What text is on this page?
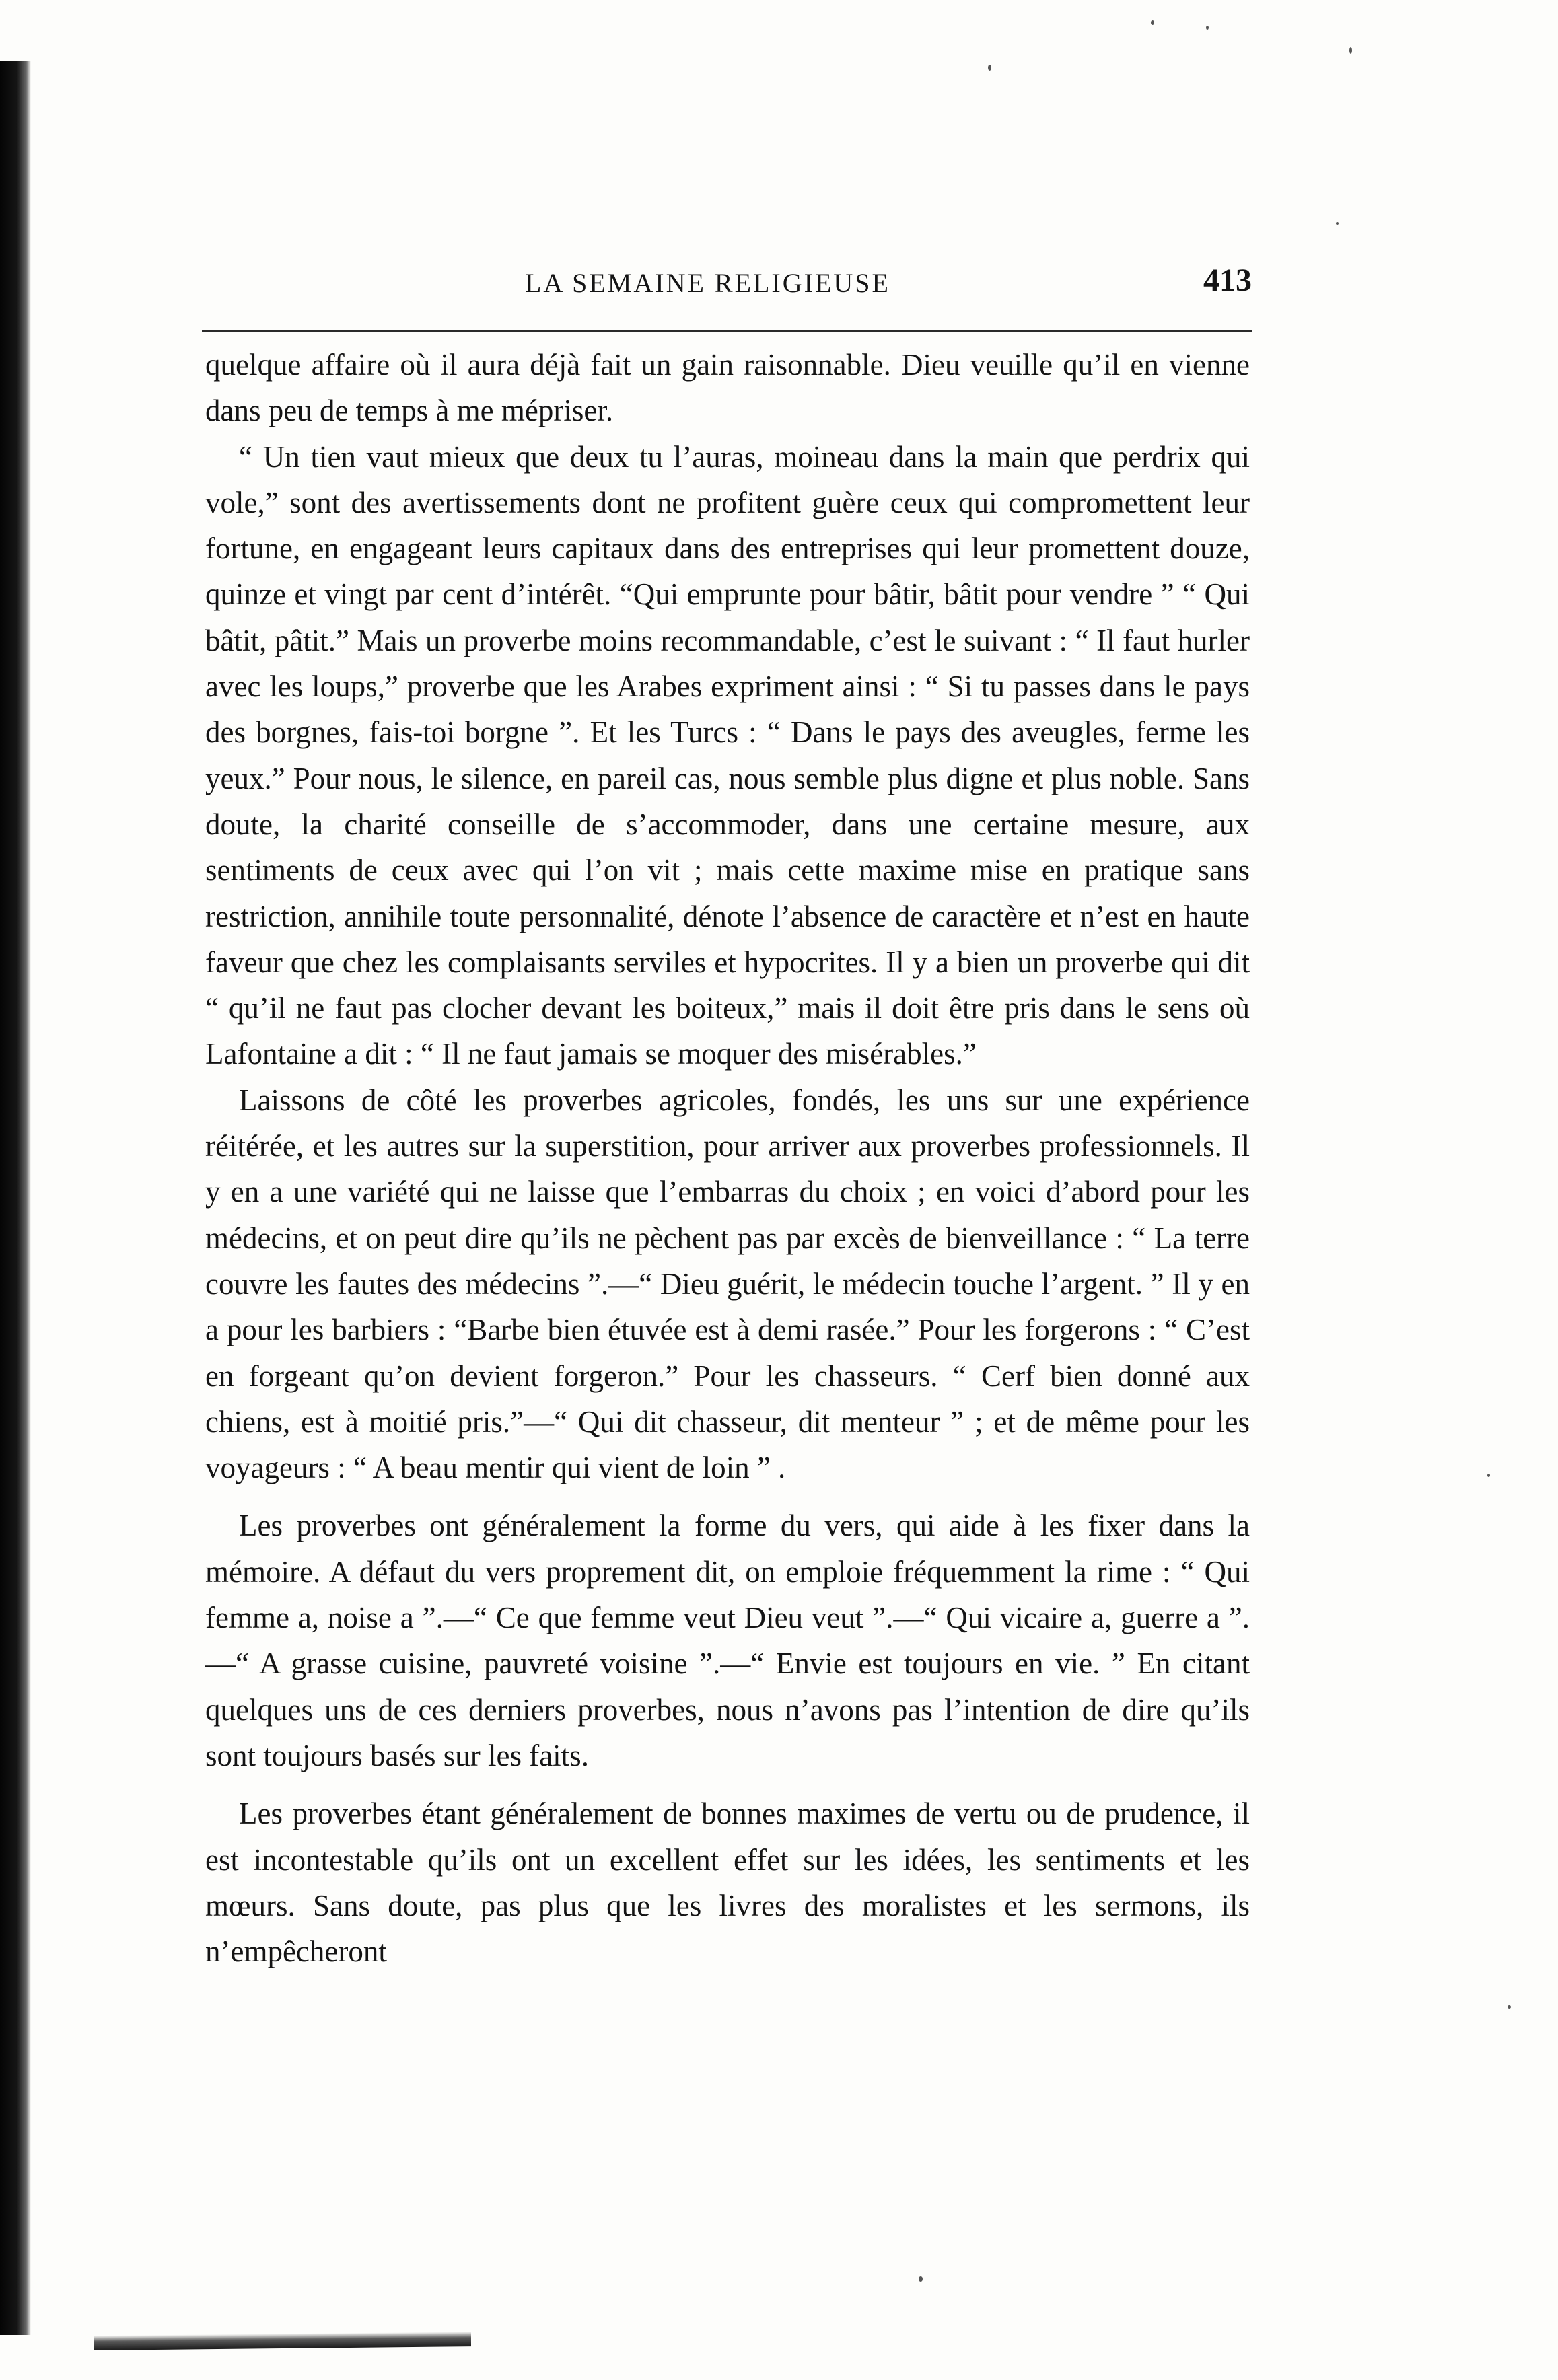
LA SEMAINE RELIGIEUSE	413

quelque affaire où il aura déjà fait un gain raisonnable. Dieu veuille qu’il en vienne dans peu de temps à me mépriser.

“ Un tien vaut mieux que deux tu l’auras, moineau dans la main que perdrix qui vole,” sont des avertissements dont ne profitent guère ceux qui compromettent leur fortune, en engageant leurs capitaux dans des entreprises qui leur promettent douze, quinze et vingt par cent d’intérêt. “Qui emprunte pour bâtir, bâtit pour vendre ” “ Qui bâtit, pâtit.” Mais un proverbe moins recommandable, c’est le suivant : “ Il faut hurler avec les loups,” proverbe que les Arabes expriment ainsi : “ Si tu passes dans le pays des borgnes, fais-toi borgne ”. Et les Turcs : “ Dans le pays des aveugles, ferme les yeux.” Pour nous, le silence, en pareil cas, nous semble plus digne et plus noble. Sans doute, la charité conseille de s’accommoder, dans une certaine mesure, aux sentiments de ceux avec qui l’on vit ; mais cette maxime mise en pratique sans restriction, annihile toute personnalité, dénote l’absence de caractère et n’est en haute faveur que chez les complaisants serviles et hypocrites. Il y a bien un proverbe qui dit “ qu’il ne faut pas clocher devant les boiteux,” mais il doit être pris dans le sens où Lafontaine a dit : “ Il ne faut jamais se moquer des misérables.”

Laissons de côté les proverbes agricoles, fondés, les uns sur une expérience réitérée, et les autres sur la superstition, pour arriver aux proverbes professionnels. Il y en a une variété qui ne laisse que l’embarras du choix ; en voici d’abord pour les médecins, et on peut dire qu’ils ne pèchent pas par excès de bienveillance : “ La terre couvre les fautes des médecins ”.—“ Dieu guérit, le médecin touche l’argent. ” Il y en a pour les barbiers : “Barbe bien étuvée est à demi rasée.” Pour les forgerons : “ C’est en forgeant qu’on devient forgeron.” Pour les chasseurs. “ Cerf bien donné aux chiens, est à moitié pris.”—“ Qui dit chasseur, dit menteur ” ; et de même pour les voyageurs : “ A beau mentir qui vient de loin ” .

Les proverbes ont généralement la forme du vers, qui aide à les fixer dans la mémoire. A défaut du vers proprement dit, on emploie fréquemment la rime : “ Qui femme a, noise a ”.—“ Ce que femme veut Dieu veut ”.—“ Qui vicaire a, guerre a ”.—“ A grasse cuisine, pauvreté voisine ”.—“ Envie est toujours en vie. ” En citant quelques uns de ces derniers proverbes, nous n’avons pas l’intention de dire qu’ils sont toujours basés sur les faits.

Les proverbes étant généralement de bonnes maximes de vertu ou de prudence, il est incontestable qu’ils ont un excellent effet sur les idées, les sentiments et les mœurs. Sans doute, pas plus que les livres des moralistes et les sermons, ils n’empêcheront
